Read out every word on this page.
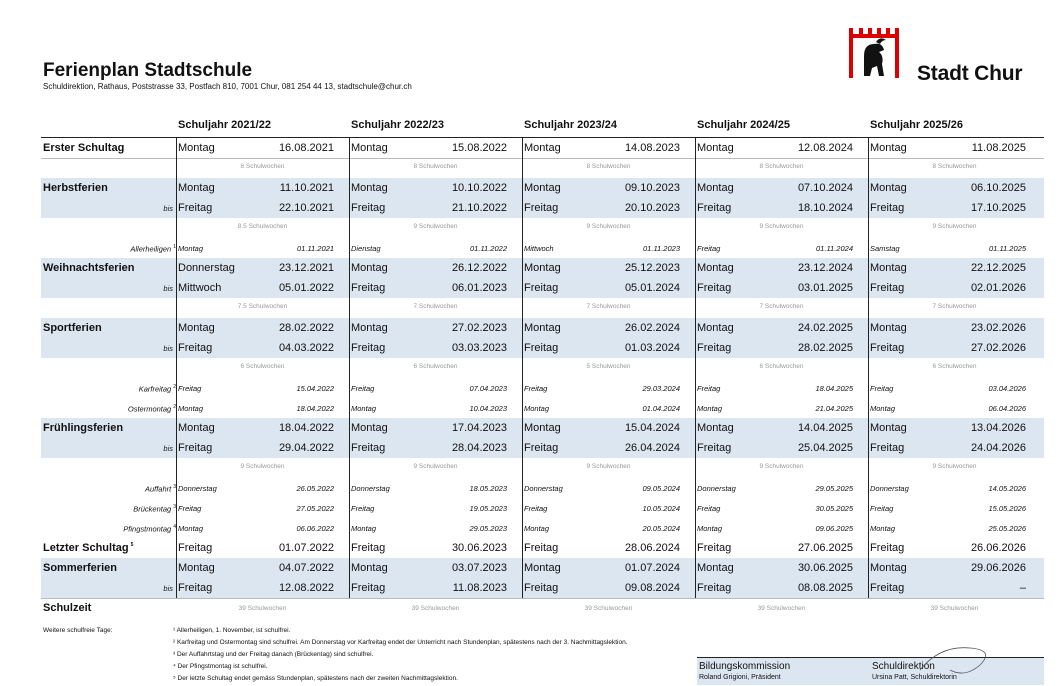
Ferienplan Stadtschule
Schuldirektion, Rathaus, Poststrasse 33, Postfach 810, 7001 Chur, 081 254 44 13, stadtschule@chur.ch
Stadt Chur
Schuljahr 2021/22	Schuljahr 2022/23	Schuljahr 2023/24	Schuljahr 2024/25	Schuljahr 2025/26
Erster Schultag	Montag	16.08.2021 Montag	15.08.2022 Montag	14.08.2023 Montag	12.08.2024 Montag	11.08.2025
8 Schulwochen	8 Schulwochen	8 Schulwochen	8 Schulwochen	8 Schulwochen
Herbstferien	Montag	11.10.2021 Montag	10.10.2022 Montag	09.10.2023 Montag	07.10.2024 Montag	06.10.2025
bis Freitag	22.10.2021 Freitag	21.10.2022 Freitag	20.10.2023 Freitag	18.10.2024 Freitag	17.10.2025
8.5 Schulwochen	9 Schulwochen	9 Schulwochen	9 Schulwochen	9 Schulwochen
Allerheiligen $^1$ Montag	01.11.2021 Dienstag	01.11.2022 Mittwoch	01.11.2023 Freitag	01.11.2024 Samstag	01.11.2025
Weihnachtsferien	Donnerstag	23.12.2021 Montag	26.12.2022 Montag	25.12.2023 Montag	23.12.2024 Montag	22.12.2025
bis Mittwoch	05.01.2022 Freitag	06.01.2023 Freitag	05.01.2024 Freitag	03.01.2025 Freitag	02.01.2026
7.5 Schulwochen	7 Schulwochen	7 Schulwochen	7 Schulwochen	7 Schulwochen
Sportferien	Montag	28.02.2022 Montag	27.02.2023 Montag	26.02.2024 Montag	24.02.2025 Montag	23.02.2026
bis Freitag	04.03.2022 Freitag	03.03.2023 Freitag	01.03.2024 Freitag	28.02.2025 Freitag	27.02.2026
6 Schulwochen	6 Schulwochen	5 Schulwochen	6 Schulwochen	6 Schulwochen
Karfreitag $^2$ Freitag	15.04.2022 Freitag	07.04.2023 Freitag	29.03.2024 Freitag	18.04.2025 Freitag	03.04.2026
Ostermontag $^2$ Montag	18.04.2022 Montag	10.04.2023 Montag	01.04.2024 Montag	21.04.2025 Montag	06.04.2026
Frühlingsferien	Montag	18.04.2022 Montag	17.04.2023 Montag	15.04.2024 Montag	14.04.2025 Montag	13.04.2026
bis Freitag	29.04.2022 Freitag	28.04.2023 Freitag	26.04.2024 Freitag	25.04.2025 Freitag	24.04.2026
9 Schulwochen	9 Schulwochen	9 Schulwochen	9 Schulwochen	9 Schulwochen
Auffahrt $^3$ Donnerstag	26.05.2022 Donnerstag	18.05.2023 Donnerstag	09.05.2024 Donnerstag	29.05.2025 Donnerstag	14.05.2026
Brückentag $^3$ Freitag	27.05.2022 Freitag	19.05.2023 Freitag	10.05.2024 Freitag	30.05.2025 Freitag	15.05.2026
Pfingstmontag $^4$ Montag	06.06.2022 Montag	29.05.2023 Montag	20.05.2024 Montag	09.06.2025 Montag	25.05.2026
Letzter Schultag $^5$	Freitag	01.07.2022 Freitag	30.06.2023 Freitag	28.06.2024 Freitag	27.06.2025 Freitag	26.06.2026
Sommerferien	Montag	04.07.2022 Montag	03.07.2023 Montag	01.07.2024 Montag	30.06.2025 Montag	29.06.2026
bis Freitag	12.08.2022 Freitag	11.08.2023 Freitag	09.08.2024 Freitag	08.08.2025 Freitag	–
Schulzeit	39 Schulwochen	39 Schulwochen	39 Schulwochen	39 Schulwochen	39 Schulwochen
Weitere schulfreie Tage:	¹ Allerheiligen, 1. November, ist schulfrei.
² Karfreitag und Ostermontag sind schulfrei. Am Donnerstag vor Karfreitag endet der Unterricht nach Stundenplan, spätestens nach der 3. Nachmittagslektion.
³ Der Auffahrtstag und der Freitag danach (Brückentag) sind schulfrei.
⁴ Der Pfingstmontag ist schulfrei.
⁵ Der letzte Schultag endet gemäss Stundenplan, spätestens nach der zweiten Nachmittagslektion.
Bildungskommission
Roland Grigioni, Präsident
Schuldirektion
Ursina Patt, Schuldirektorin
